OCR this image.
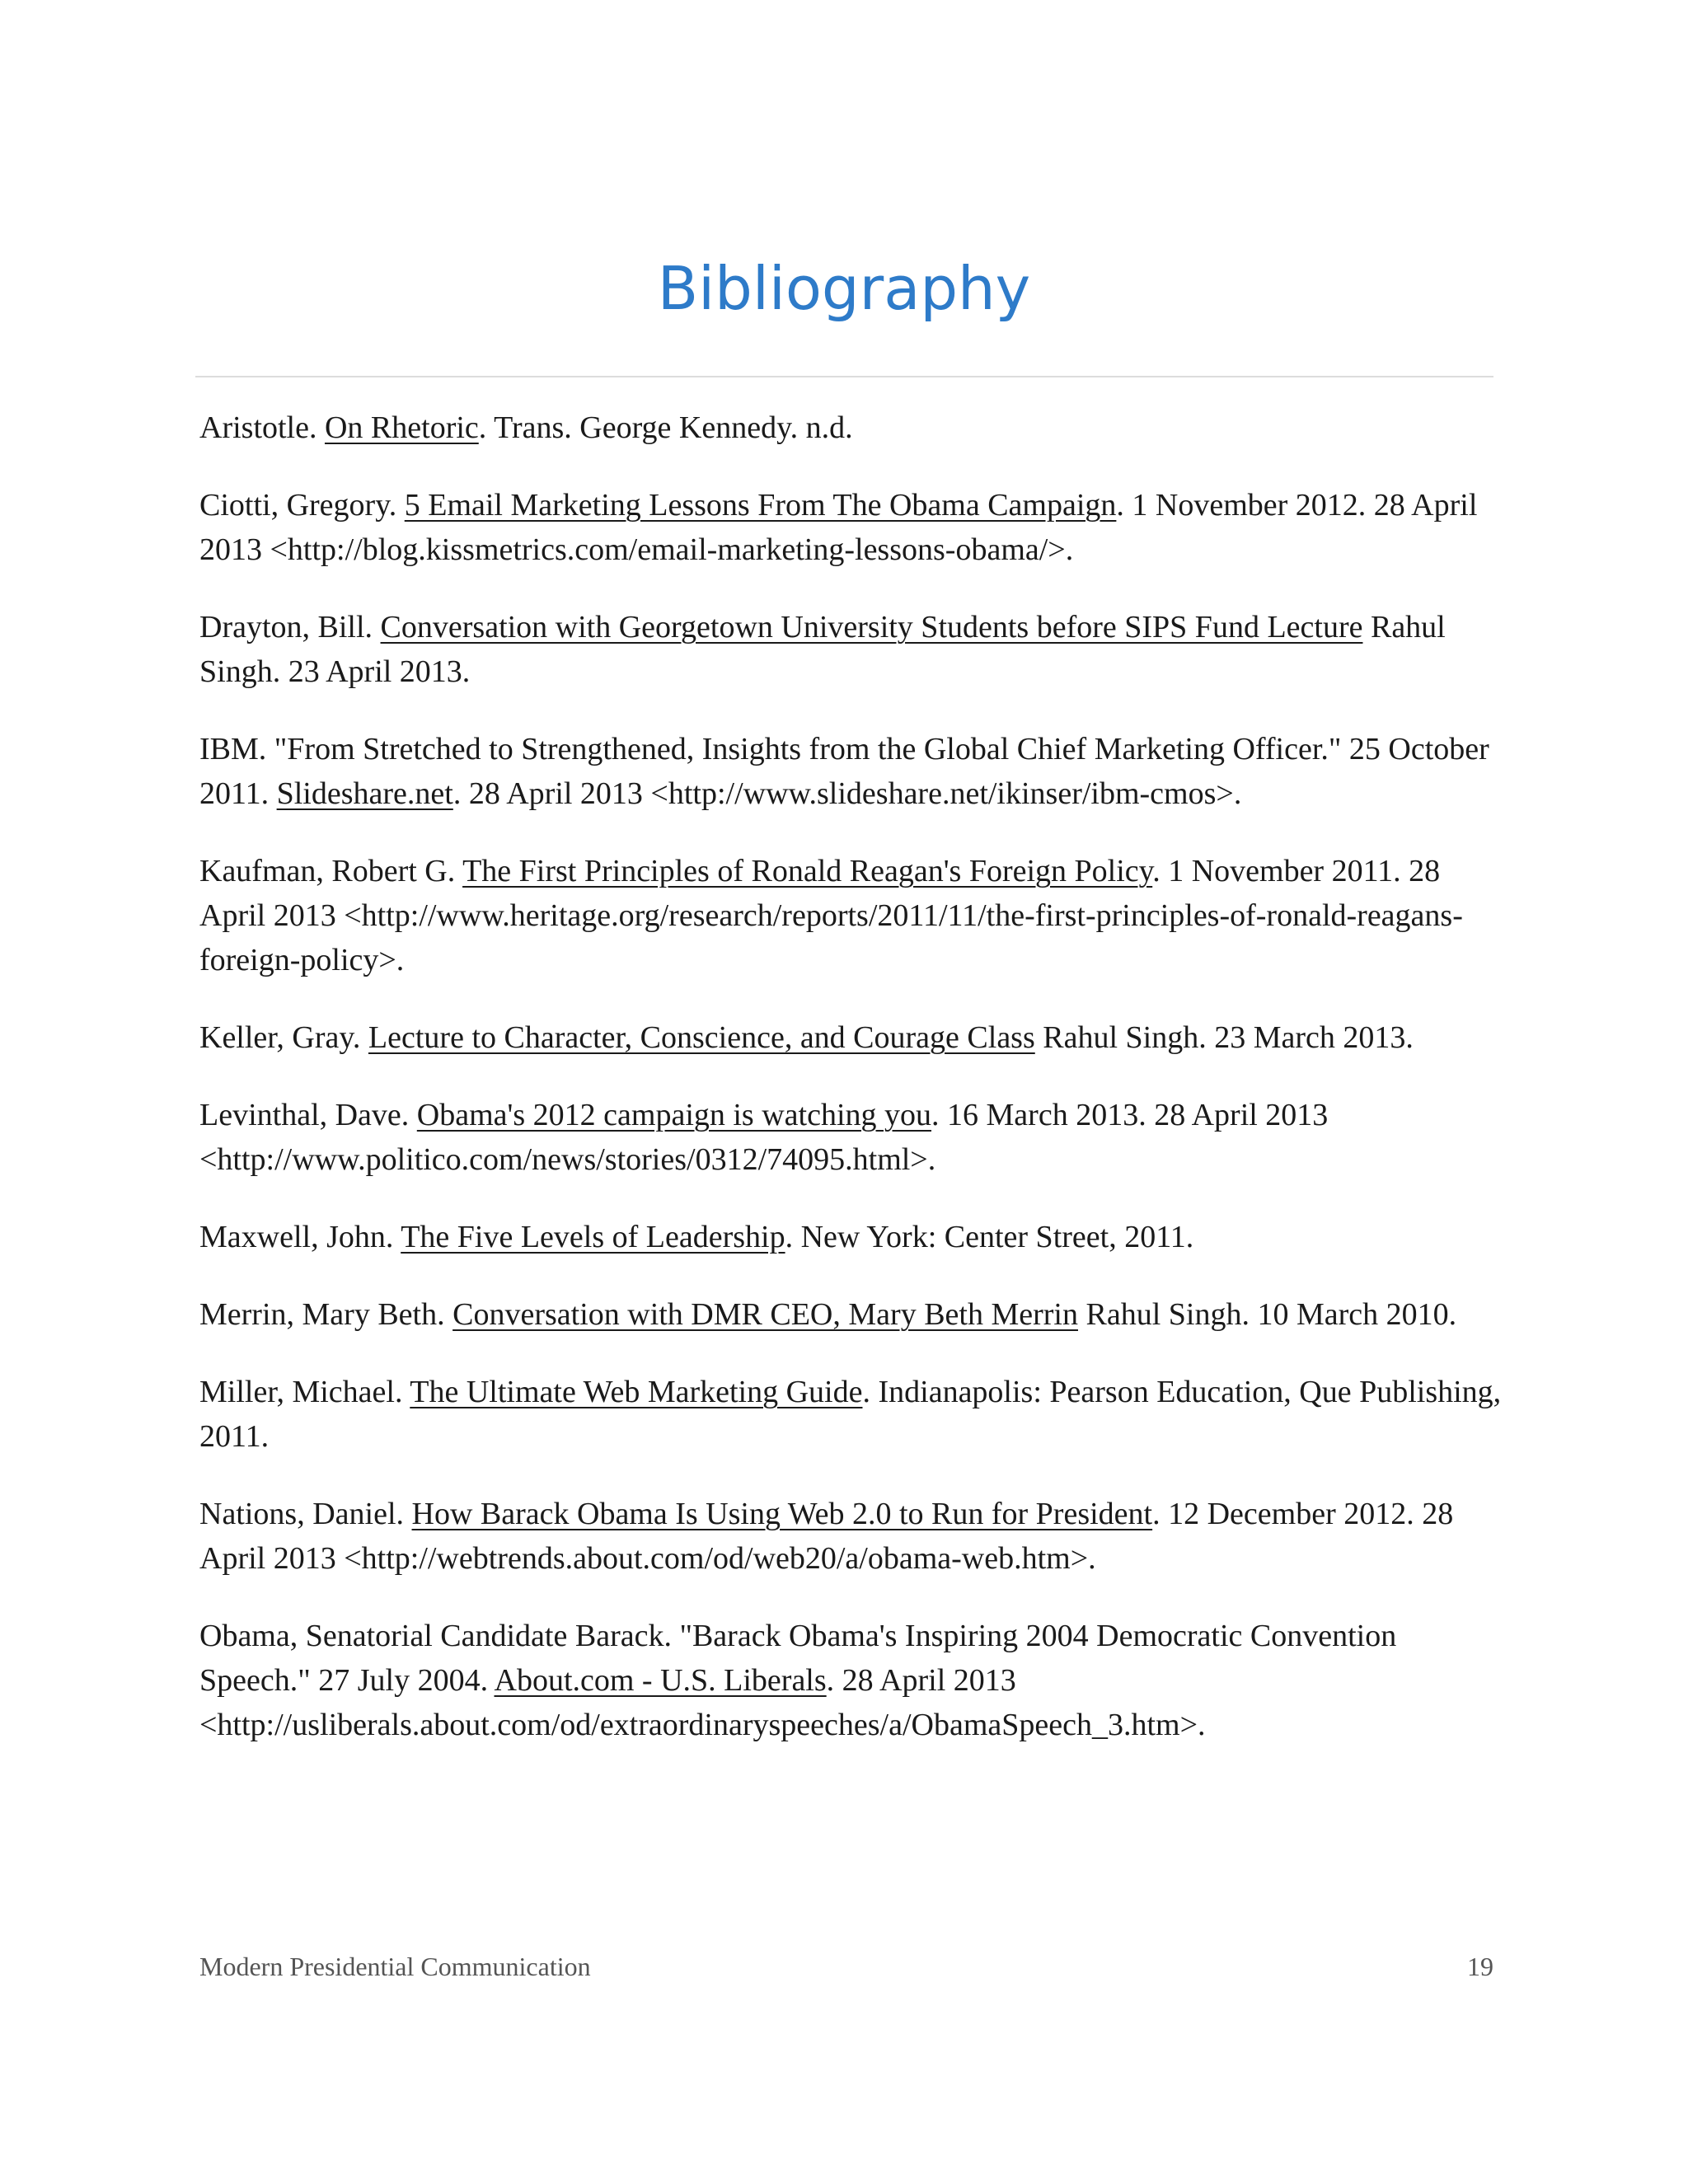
Bibliography

Aristotle. On Rhetoric. Trans. George Kennedy. n.d.

Ciotti, Gregory. 5 Email Marketing Lessons From The Obama Campaign. 1 November 2012. 28 April 2013 <http://blog.kissmetrics.com/email-marketing-lessons-obama/>.

Drayton, Bill. Conversation with Georgetown University Students before SIPS Fund Lecture Rahul Singh. 23 April 2013.

IBM. "From Stretched to Strengthened, Insights from the Global Chief Marketing Officer." 25 October 2011. Slideshare.net. 28 April 2013 <http://www.slideshare.net/ikinser/ibm-cmos>.

Kaufman, Robert G. The First Principles of Ronald Reagan's Foreign Policy. 1 November 2011. 28 April 2013 <http://www.heritage.org/research/reports/2011/11/the-first-principles-of-ronald-reagans-foreign-policy>.

Keller, Gray. Lecture to Character, Conscience, and Courage Class Rahul Singh. 23 March 2013.

Levinthal, Dave. Obama's 2012 campaign is watching you. 16 March 2013. 28 April 2013 <http://www.politico.com/news/stories/0312/74095.html>.

Maxwell, John. The Five Levels of Leadership. New York: Center Street, 2011.

Merrin, Mary Beth. Conversation with DMR CEO, Mary Beth Merrin Rahul Singh. 10 March 2010.

Miller, Michael. The Ultimate Web Marketing Guide. Indianapolis: Pearson Education, Que Publishing, 2011.

Nations, Daniel. How Barack Obama Is Using Web 2.0 to Run for President. 12 December 2012. 28 April 2013 <http://webtrends.about.com/od/web20/a/obama-web.htm>.

Obama, Senatorial Candidate Barack. "Barack Obama's Inspiring 2004 Democratic Convention Speech." 27 July 2004. About.com - U.S. Liberals. 28 April 2013 <http://usliberals.about.com/od/extraordinaryspeeches/a/ObamaSpeech_3.htm>.

Modern Presidential Communication	19
